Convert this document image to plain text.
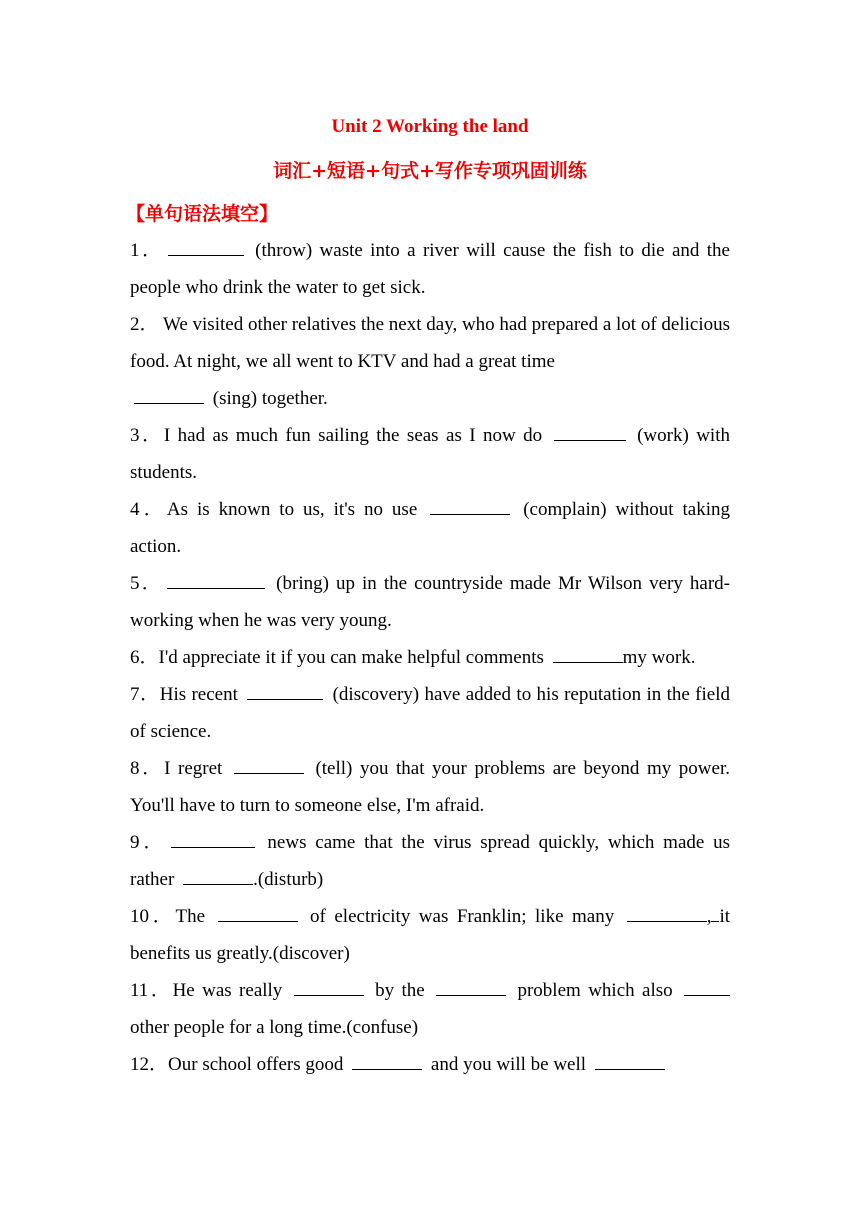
Unit 2 Working the land
词汇+短语+句式+写作专项巩固训练
【单句语法填空】
1．	(throw) waste into a river will cause the fish to die and the people who drink the water to get sick.
2． We visited other relatives the next day, who had prepared a lot of delicious food. At night, we all went to KTV and had a great time
(sing) together.
3．I had as much fun sailing the seas as I now do	(work) with students.
4．As is known to us, it's no use	(complain) without taking action.
5．	(bring) up in the countryside made Mr Wilson very hard-working when he was very young.
6．I'd appreciate it if you can make helpful comments	my work.
7．His recent	(discovery) have added to his reputation in the field of science.
8．I regret	(tell) you that your problems are beyond my power. You'll have to turn to someone else, I'm afraid.
9．	news came that the virus spread quickly, which made us rather	.(disturb)
10．The	of electricity was Franklin; like many	, it benefits us greatly.(discover)
11．He was really	by the	problem which also  other people for a long time.(confuse)
12．Our school offers good	and you will be well
